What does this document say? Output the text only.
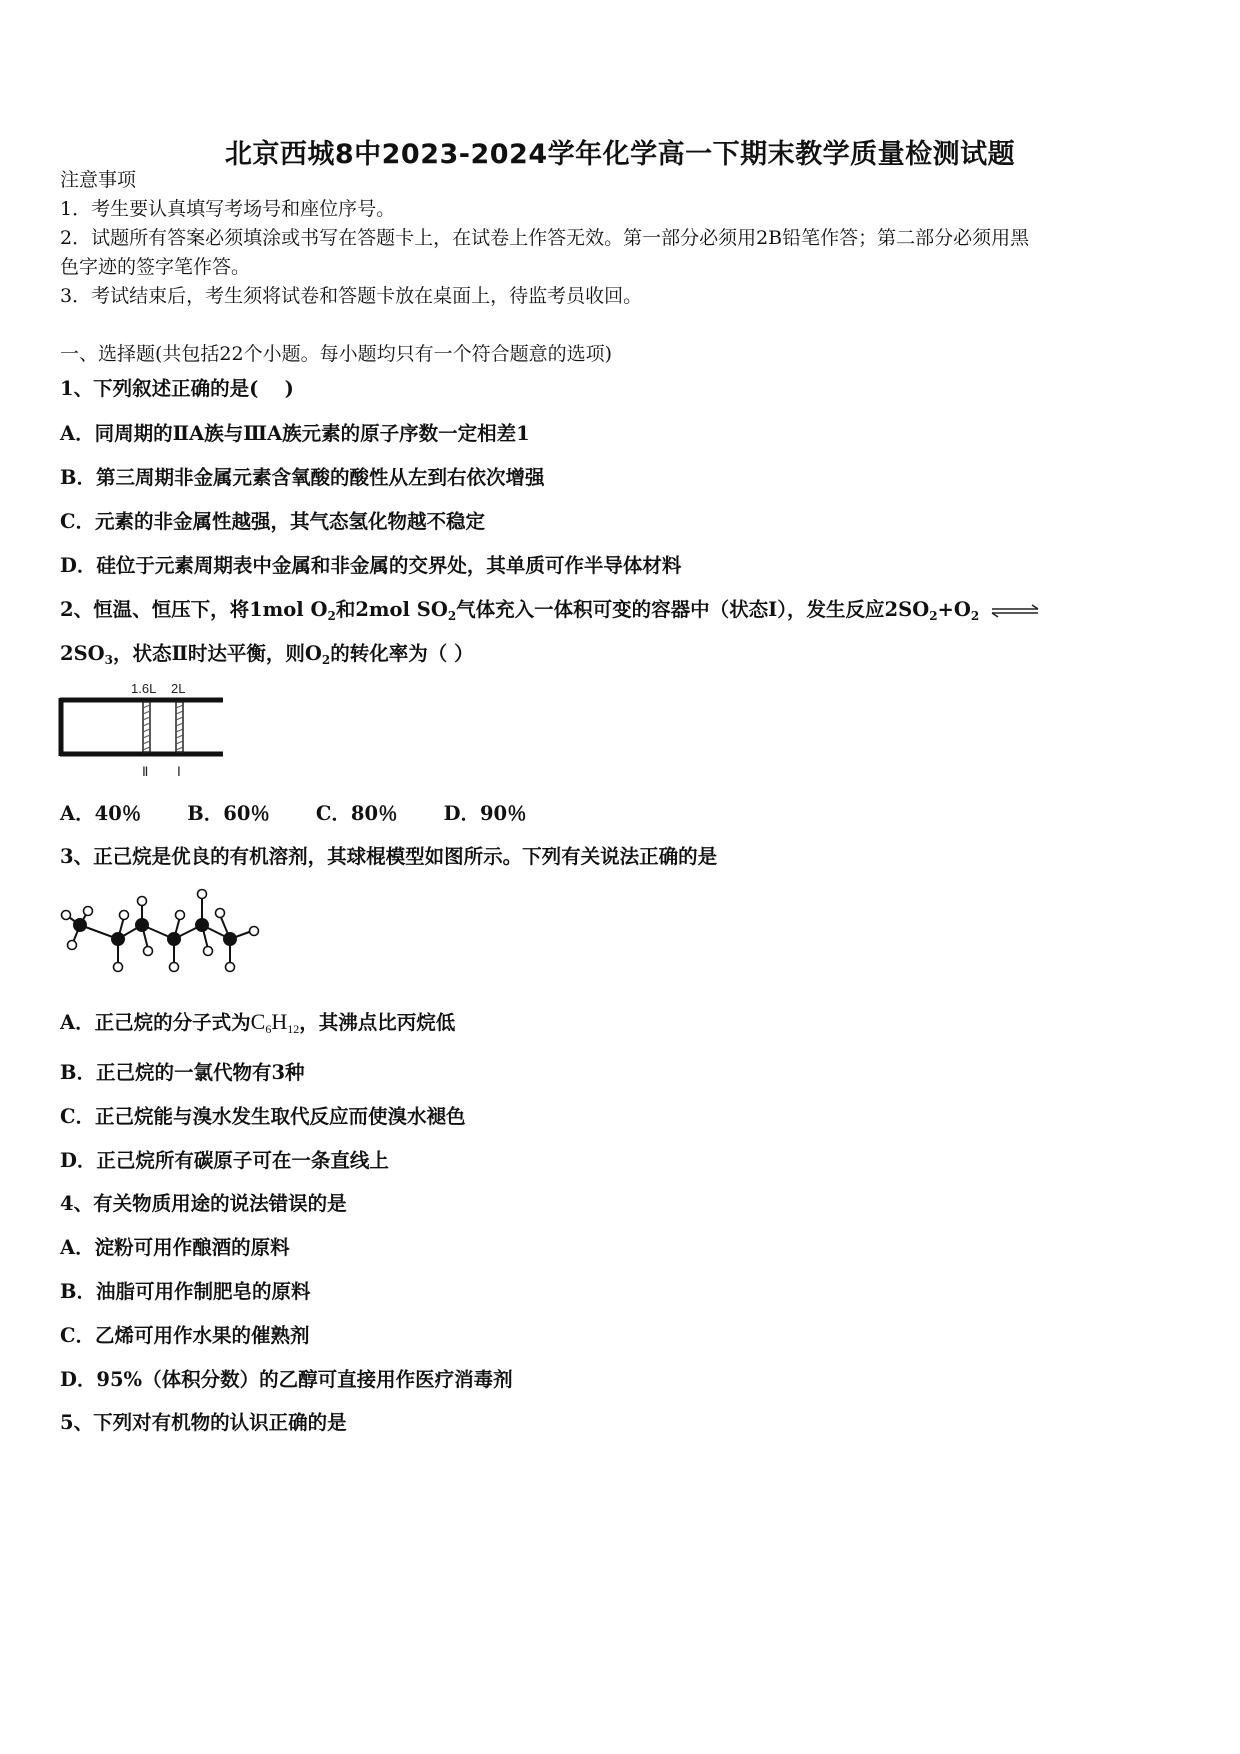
北京西城8中2023-2024学年化学高一下期末教学质量检测试题
注意事项
1．考生要认真填写考场号和座位序号。
2．试题所有答案必须填涂或书写在答题卡上，在试卷上作答无效。第一部分必须用2B铅笔作答；第二部分必须用黑
色字迹的签字笔作答。
3．考试结束后，考生须将试卷和答题卡放在桌面上，待监考员收回。
一、选择题(共包括22个小题。每小题均只有一个符合题意的选项)
1、下列叙述正确的是(　 )
A．同周期的ⅡA族与ⅢA族元素的原子序数一定相差1
B．第三周期非金属元素含氧酸的酸性从左到右依次增强
C．元素的非金属性越强，其气态氢化物越不稳定
D．硅位于元素周期表中金属和非金属的交界处，其单质可作半导体材料
2、恒温、恒压下，将1mol $O_2$和2mol $SO_2$气体充入一体积可变的容器中（状态Ⅰ），发生反应$2SO_2+O_2$ ⇌
$2SO_3$，状态Ⅱ时达平衡，则$O_2$的转化率为（ ）
1.6L 2L
Ⅱ Ⅰ
A．40％ B．60％ C．80％ D．90％
3、正己烷是优良的有机溶剂，其球棍模型如图所示。下列有关说法正确的是
A．正己烷的分子式为$C_6H_{12}$，其沸点比丙烷低
B．正己烷的一氯代物有3种
C．正己烷能与溴水发生取代反应而使溴水褪色
D．正己烷所有碳原子可在一条直线上
4、有关物质用途的说法错误的是
A．淀粉可用作酿酒的原料
B．油脂可用作制肥皂的原料
C．乙烯可用作水果的催熟剂
D．95%（体积分数）的乙醇可直接用作医疗消毒剂
5、下列对有机物的认识正确的是
